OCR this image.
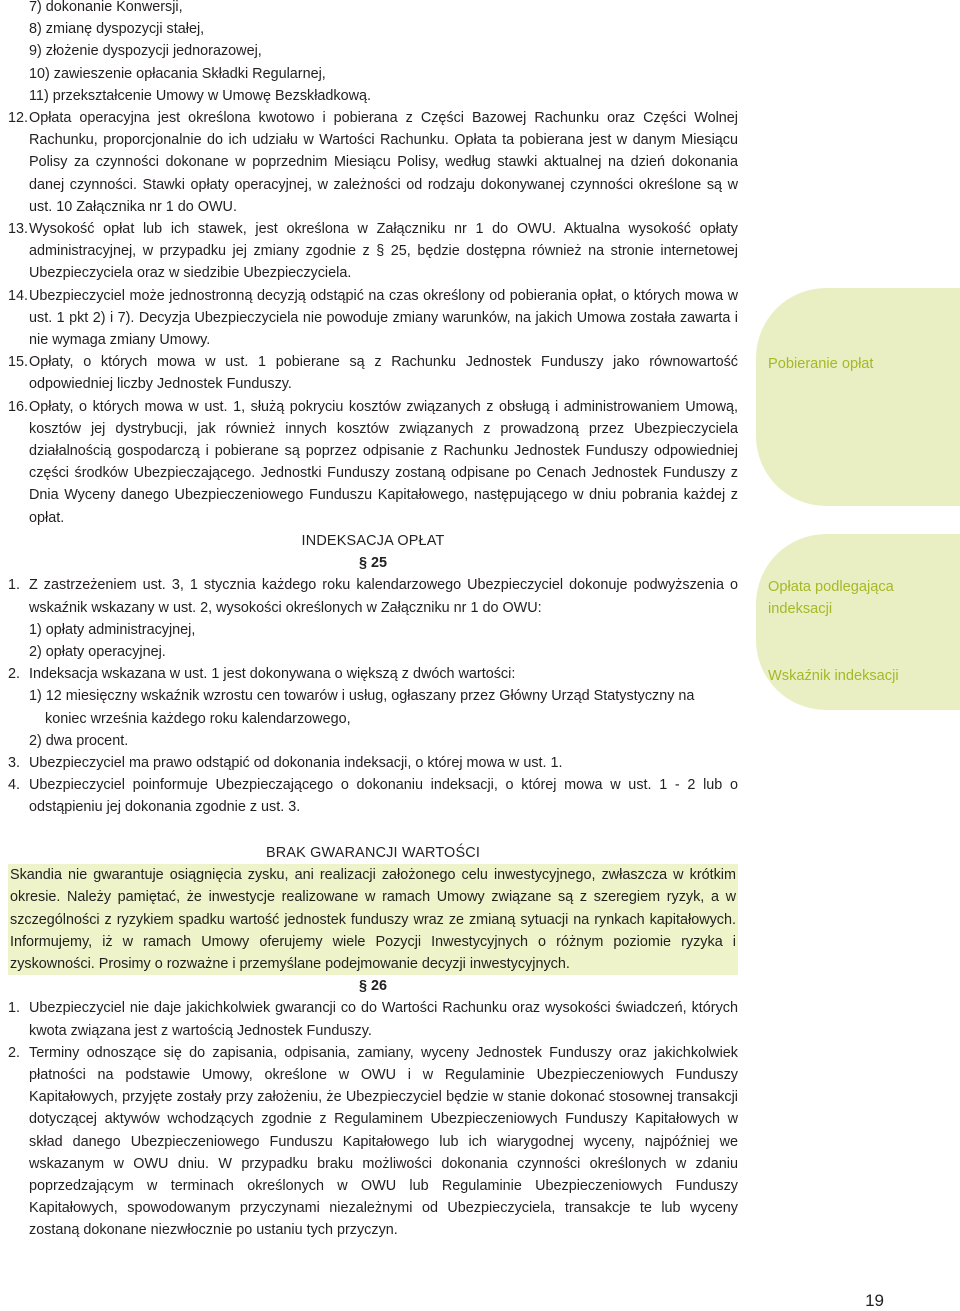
Pobieranie opłat
Opłata podlegająca indeksacji
Wskaźnik indeksacji

7) dokonanie Konwersji,

8) zmianę dyspozycji stałej,

9) złożenie dyspozycji jednorazowej,

10) zawieszenie opłacania Składki Regularnej,

11) przekształcenie Umowy w Umowę Bezskładkową.

12. Opłata operacyjna jest określona kwotowo i pobierana z Części Bazowej Rachunku oraz Części Wolnej Rachunku, proporcjonalnie do ich udziału w Wartości Rachunku. Opłata ta pobierana jest w danym Miesiącu Polisy za czynności dokonane w poprzednim Miesiącu Polisy, według stawki aktualnej na dzień dokonania danej czynności. Stawki opłaty operacyjnej, w zależności od rodzaju dokonywanej czynności określone są w ust. 10 Załącznika nr 1 do OWU.

13. Wysokość opłat lub ich stawek, jest określona w Załączniku nr 1 do OWU. Aktualna wysokość opłaty administracyjnej, w przypadku jej zmiany zgodnie z § 25, będzie dostępna również na stronie internetowej Ubezpieczyciela oraz w siedzibie Ubezpieczyciela.

14. Ubezpieczyciel może jednostronną decyzją odstąpić na czas określony od pobierania opłat, o których mowa w ust. 1 pkt 2) i 7). Decyzja Ubezpieczyciela nie powoduje zmiany warunków, na jakich Umowa została zawarta i nie wymaga zmiany Umowy.

15. Opłaty, o których mowa w ust. 1 pobierane są z Rachunku Jednostek Funduszy jako równowartość odpowiedniej liczby Jednostek Funduszy.

16. Opłaty, o których mowa w ust. 1, służą pokryciu kosztów związanych z obsługą i administrowaniem Umową, kosztów jej dystrybucji, jak również innych kosztów związanych z prowadzoną przez Ubezpieczyciela działalnością gospodarczą i pobierane są poprzez odpisanie z Rachunku Jednostek Funduszy odpowiedniej części środków Ubezpieczającego. Jednostki Funduszy zostaną odpisane po Cenach Jednostek Funduszy z Dnia Wyceny danego Ubezpieczeniowego Funduszu Kapitałowego, następującego w dniu pobrania każdej z opłat.

INDEKSACJA OPŁAT

§ 25

1. Z zastrzeżeniem ust. 3, 1 stycznia każdego roku kalendarzowego Ubezpieczyciel dokonuje podwyższenia o wskaźnik wskazany w ust. 2, wysokości określonych w Załączniku nr 1 do OWU:

1) opłaty administracyjnej,

2) opłaty operacyjnej.

2. Indeksacja wskazana w ust. 1 jest dokonywana o większą z dwóch wartości:

1) 12 miesięczny wskaźnik wzrostu cen towarów i usług, ogłaszany przez Główny Urząd Statystyczny na

koniec września każdego roku kalendarzowego,

2) dwa procent.

3. Ubezpieczyciel ma prawo odstąpić od dokonania indeksacji, o której mowa w ust. 1.

4. Ubezpieczyciel poinformuje Ubezpieczającego o dokonaniu indeksacji, o której mowa w ust. 1 - 2 lub o odstąpieniu jej dokonania zgodnie z ust. 3.

BRAK GWARANCJI WARTOŚCI

Skandia nie gwarantuje osiągnięcia zysku, ani realizacji założonego celu inwestycyjnego, zwłaszcza w krótkim okresie. Należy pamiętać, że inwestycje realizowane w ramach Umowy związane są z szeregiem ryzyk, a w szczególności z ryzykiem spadku wartość jednostek funduszy wraz ze zmianą sytuacji na rynkach kapitałowych. Informujemy, iż w ramach Umowy oferujemy wiele Pozycji Inwestycyjnych o różnym poziomie ryzyka i zyskowności. Prosimy o rozważne i przemyślane podejmowanie decyzji inwestycyjnych.

§ 26

1. Ubezpieczyciel nie daje jakichkolwiek gwarancji co do Wartości Rachunku oraz wysokości świadczeń, których kwota związana jest z wartością Jednostek Funduszy.

2. Terminy odnoszące się do zapisania, odpisania, zamiany, wyceny Jednostek Funduszy oraz jakichkolwiek płatności na podstawie Umowy, określone w OWU i w Regulaminie Ubezpieczeniowych Funduszy Kapitałowych, przyjęte zostały przy założeniu, że Ubezpieczyciel będzie w stanie dokonać stosownej transakcji dotyczącej aktywów wchodzących zgodnie z Regulaminem Ubezpieczeniowych Funduszy Kapitałowych w skład danego Ubezpieczeniowego Funduszu Kapitałowego lub ich wiarygodnej wyceny, najpóźniej we wskazanym w OWU dniu. W przypadku braku możliwości dokonania czynności określonych w zdaniu poprzedzającym w terminach określonych w OWU lub Regulaminie Ubezpieczeniowych Funduszy Kapitałowych, spowodowanym przyczynami niezależnymi od Ubezpieczyciela, transakcje te lub wyceny zostaną dokonane niezwłocznie po ustaniu tych przyczyn.

19
